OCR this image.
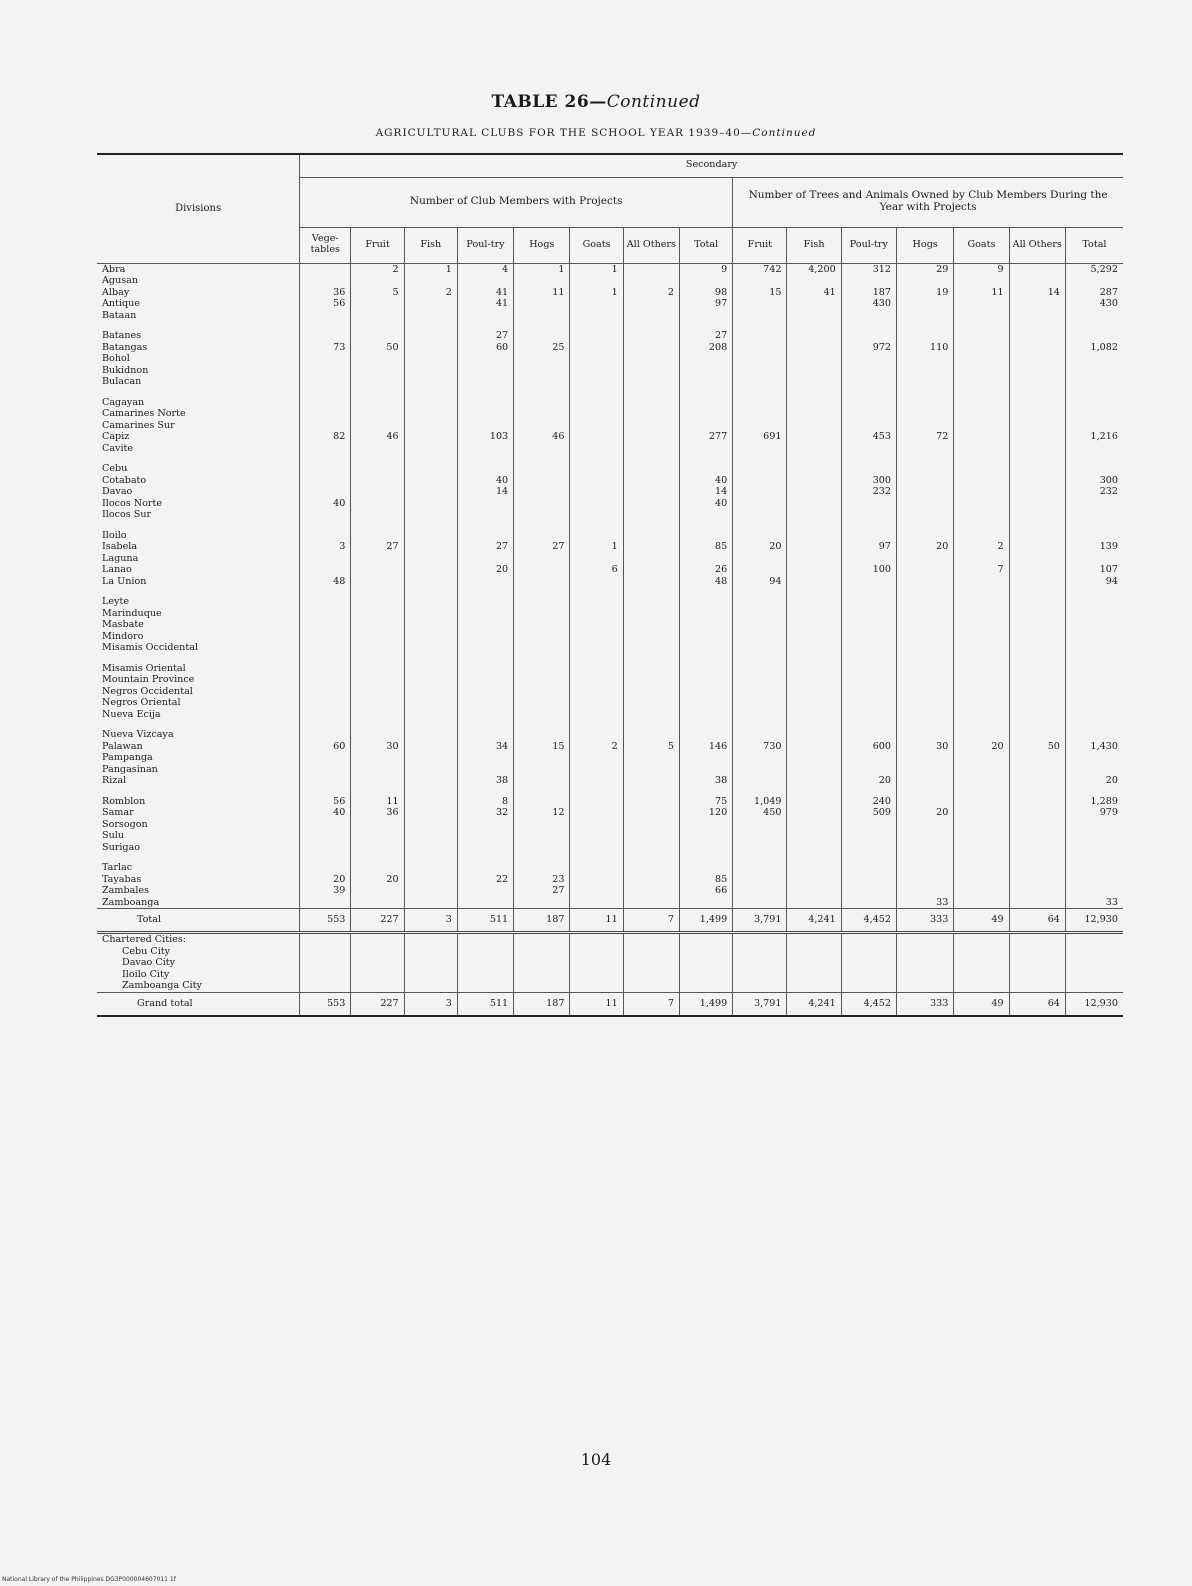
TABLE 26—Continued
AGRICULTURAL CLUBS FOR THE SCHOOL YEAR 1939–40—Continued
Divisions	Secondary														
	Number of Club Members with Projects								Number of Trees and Animals Owned by Club Members During the Year with Projects						
	Vege-tables	Fruit	Fish	Poul-try	Hogs	Goats	All Others	Total	Fruit	Fish	Poul-try	Hogs	Goats	All Others	Total
Abra		2	1	4	1	1		9	742	4,200	312	29	9		5,292
Agusan															
Albay	36	5	2	41	11	1	2	98	15	41	187	19	11	14	287
Antique	56			41				97			430				430
Bataan															
Batanes				27				27							
Batangas	73	50		60	25			208			972	110			1,082
Bohol															
Bukidnon															
Bulacan															
Cagayan															
Camarines Norte															
Camarines Sur															
Capiz	82	46		103	46			277	691		453	72			1,216
Cavite															
Cebu															
Cotabato				40				40			300				300
Davao				14				14			232				232
Ilocos Norte	40							40							
Ilocos Sur															
Iloilo															
Isabela	3	27		27	27	1		85	20		97	20	2		139
Laguna															
Lanao				20		6		26			100		7		107
La Union	48							48	94						94
Leyte															
Marinduque															
Masbate															
Mindoro															
Misamis Occidental															
Misamis Oriental															
Mountain Province															
Negros Occidental															
Negros Oriental															
Nueva Ecija															
Nueva Vizcaya															
Palawan	60	30		34	15	2	5	146	730		600	30	20	50	1,430
Pampanga															
Pangasinan															
Rizal				38				38			20				20
Romblon	56	11		8				75	1,049		240				1,289
Samar	40	36		32	12			120	450		509	20			979
Sorsogon															
Sulu															
Surigao															
Tarlac															
Tayabas	20	20		22	23			85							
Zambales	39				27			66							
Zamboanga												33			33
Total	553	227	3	511	187	11	7	1,499	3,791	4,241	4,452	333	49	64	12,930
Chartered Cities:															
Cebu City															
Davao City															
Iloilo City															
Zamboanga City															
Grand total	553	227	3	511	187	11	7	1,499	3,791	4,241	4,452	333	49	64	12,930
104
National Library of the Philippines DG3P000004607011 1f
